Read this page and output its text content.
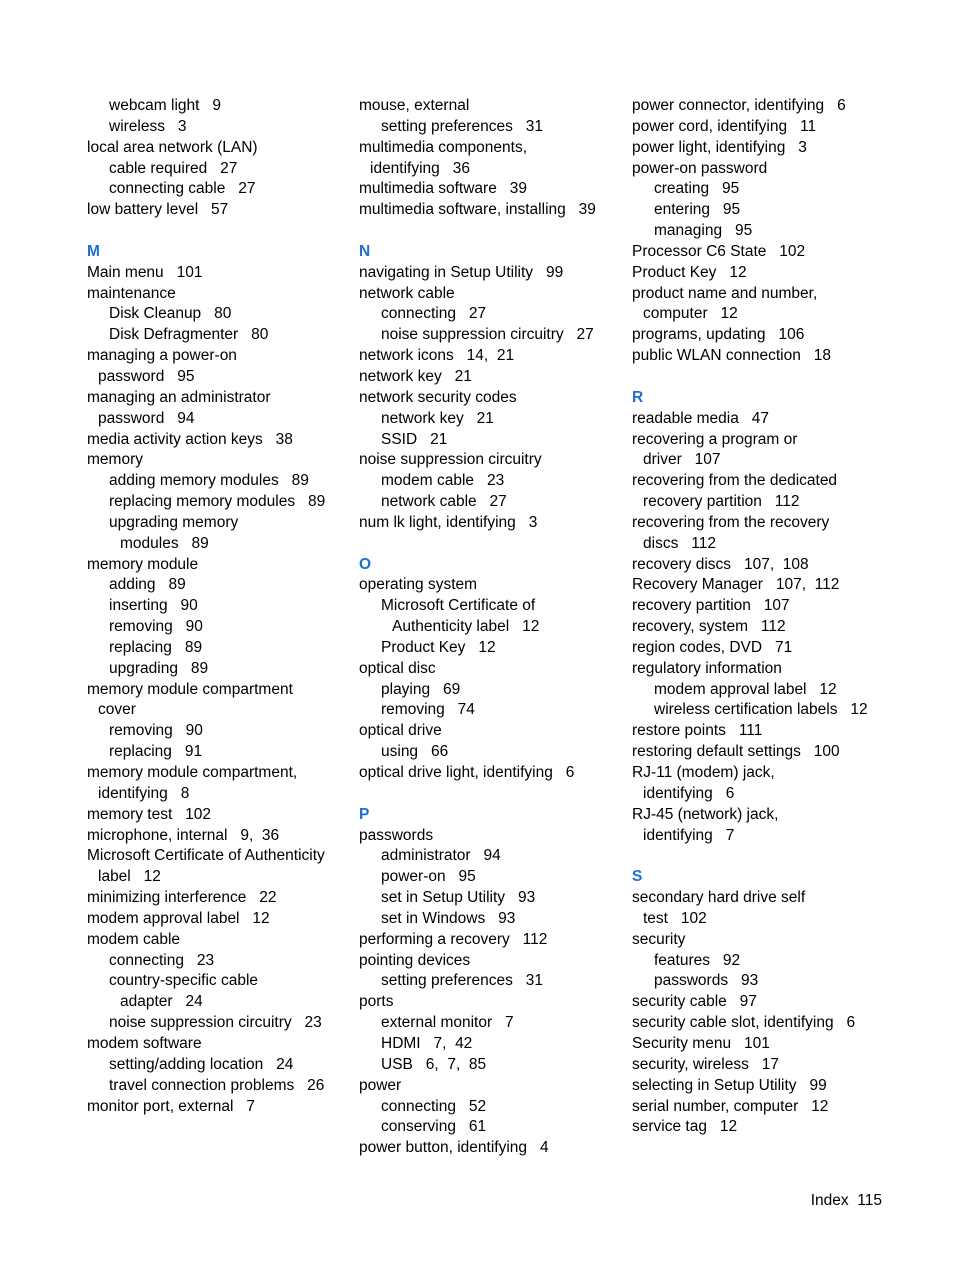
webcam light   9
wireless   3
local area network (LAN)
cable required   27
connecting cable   27
low battery level   57
M
Main menu   101
maintenance
Disk Cleanup   80
Disk Defragmenter   80
managing a power-on
password   95
managing an administrator
password   94
media activity action keys   38
memory
adding memory modules   89
replacing memory modules   89
upgrading memory
modules   89
memory module
adding   89
inserting   90
removing   90
replacing   89
upgrading   89
memory module compartment
cover
removing   90
replacing   91
memory module compartment,
identifying   8
memory test   102
microphone, internal   9,  36
Microsoft Certificate of Authenticity
label   12
minimizing interference   22
modem approval label   12
modem cable
connecting   23
country-specific cable
adapter   24
noise suppression circuitry   23
modem software
setting/adding location   24
travel connection problems   26
monitor port, external   7
mouse, external
setting preferences   31
multimedia components,
identifying   36
multimedia software   39
multimedia software, installing   39
N
navigating in Setup Utility   99
network cable
connecting   27
noise suppression circuitry   27
network icons   14,  21
network key   21
network security codes
network key   21
SSID   21
noise suppression circuitry
modem cable   23
network cable   27
num lk light, identifying   3
O
operating system
Microsoft Certificate of
Authenticity label   12
Product Key   12
optical disc
playing   69
removing   74
optical drive
using   66
optical drive light, identifying   6
P
passwords
administrator   94
power-on   95
set in Setup Utility   93
set in Windows   93
performing a recovery   112
pointing devices
setting preferences   31
ports
external monitor   7
HDMI   7,  42
USB   6,  7,  85
power
connecting   52
conserving   61
power button, identifying   4
power connector, identifying   6
power cord, identifying   11
power light, identifying   3
power-on password
creating   95
entering   95
managing   95
Processor C6 State   102
Product Key   12
product name and number,
computer   12
programs, updating   106
public WLAN connection   18
R
readable media   47
recovering a program or
driver   107
recovering from the dedicated
recovery partition   112
recovering from the recovery
discs   112
recovery discs   107,  108
Recovery Manager   107,  112
recovery partition   107
recovery, system   112
region codes, DVD   71
regulatory information
modem approval label   12
wireless certification labels   12
restore points   111
restoring default settings   100
RJ-11 (modem) jack,
identifying   6
RJ-45 (network) jack,
identifying   7
S
secondary hard drive self
test   102
security
features   92
passwords   93
security cable   97
security cable slot, identifying   6
Security menu   101
security, wireless   17
selecting in Setup Utility   99
serial number, computer   12
service tag   12
Index 115
